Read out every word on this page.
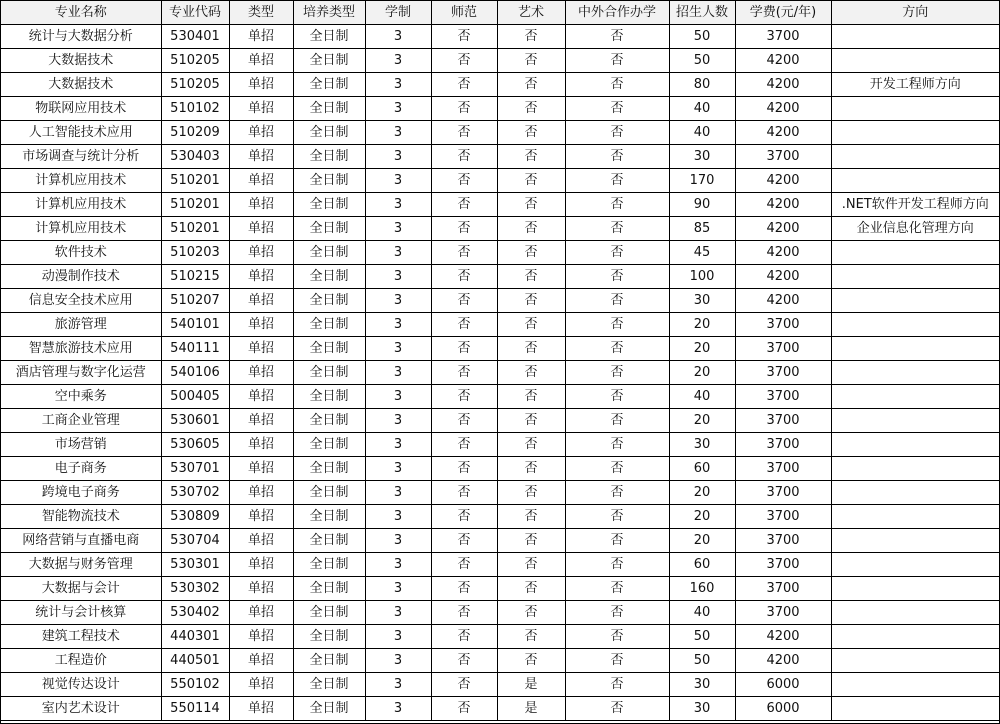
专业名称	专业代码	类型	培养类型	学制	师范	艺术	中外合作办学	招生人数	学费(元/年)	方向
统计与大数据分析	530401	单招	全日制	3	否	否	否	50	3700	
大数据技术	510205	单招	全日制	3	否	否	否	50	4200	
大数据技术	510205	单招	全日制	3	否	否	否	80	4200	开发工程师方向
物联网应用技术	510102	单招	全日制	3	否	否	否	40	4200	
人工智能技术应用	510209	单招	全日制	3	否	否	否	40	4200	
市场调查与统计分析	530403	单招	全日制	3	否	否	否	30	3700	
计算机应用技术	510201	单招	全日制	3	否	否	否	170	4200	
计算机应用技术	510201	单招	全日制	3	否	否	否	90	4200	.NET软件开发工程师方向
计算机应用技术	510201	单招	全日制	3	否	否	否	85	4200	企业信息化管理方向
软件技术	510203	单招	全日制	3	否	否	否	45	4200	
动漫制作技术	510215	单招	全日制	3	否	否	否	100	4200	
信息安全技术应用	510207	单招	全日制	3	否	否	否	30	4200	
旅游管理	540101	单招	全日制	3	否	否	否	20	3700	
智慧旅游技术应用	540111	单招	全日制	3	否	否	否	20	3700	
酒店管理与数字化运营	540106	单招	全日制	3	否	否	否	20	3700	
空中乘务	500405	单招	全日制	3	否	否	否	40	3700	
工商企业管理	530601	单招	全日制	3	否	否	否	20	3700	
市场营销	530605	单招	全日制	3	否	否	否	30	3700	
电子商务	530701	单招	全日制	3	否	否	否	60	3700	
跨境电子商务	530702	单招	全日制	3	否	否	否	20	3700	
智能物流技术	530809	单招	全日制	3	否	否	否	20	3700	
网络营销与直播电商	530704	单招	全日制	3	否	否	否	20	3700	
大数据与财务管理	530301	单招	全日制	3	否	否	否	60	3700	
大数据与会计	530302	单招	全日制	3	否	否	否	160	3700	
统计与会计核算	530402	单招	全日制	3	否	否	否	40	3700	
建筑工程技术	440301	单招	全日制	3	否	否	否	50	4200	
工程造价	440501	单招	全日制	3	否	否	否	50	4200	
视觉传达设计	550102	单招	全日制	3	否	是	否	30	6000	
室内艺术设计	550114	单招	全日制	3	否	是	否	30	6000	
